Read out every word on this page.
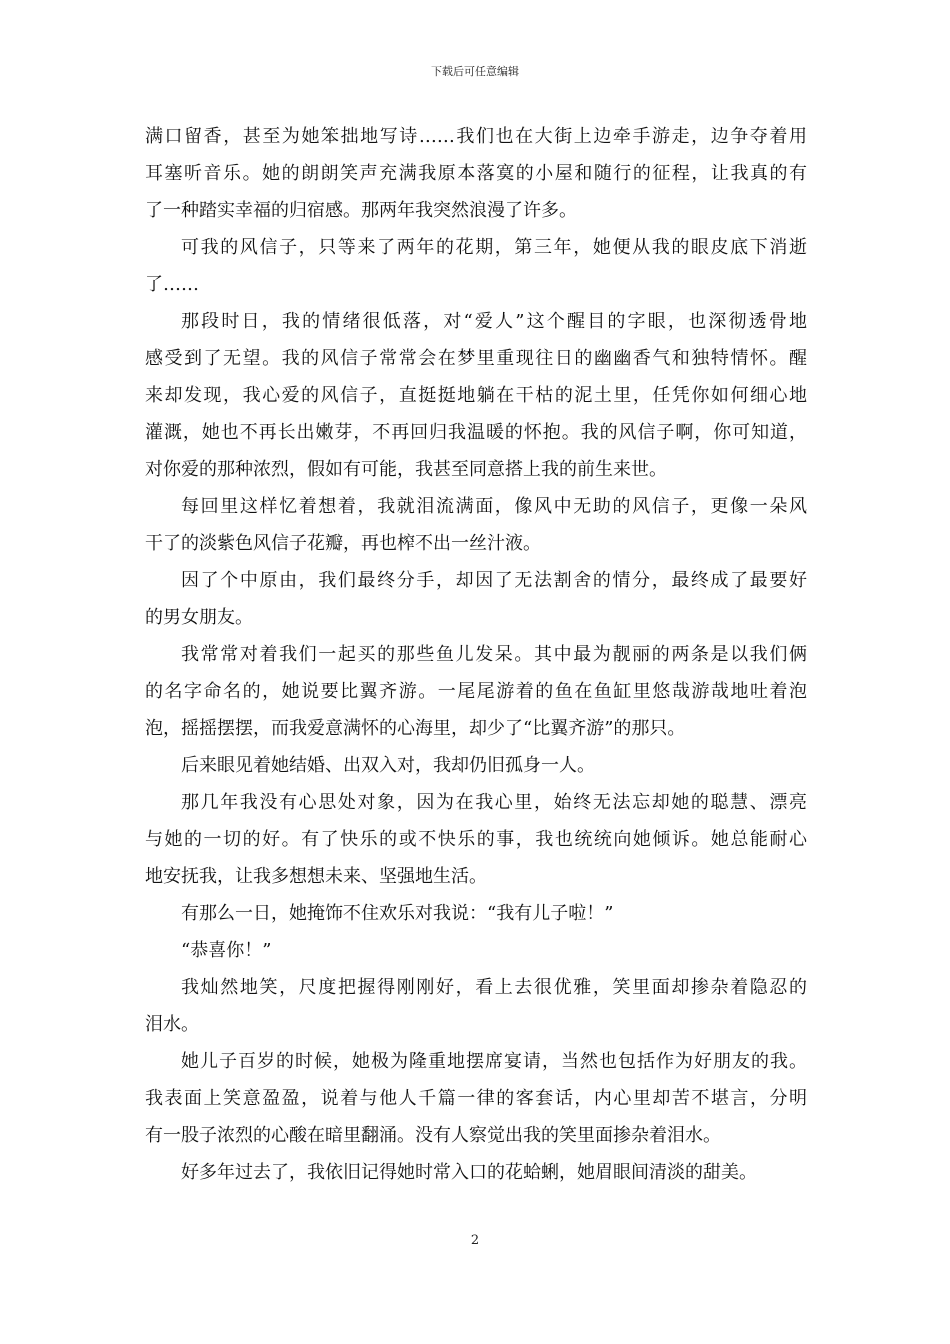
下载后可任意编辑
满口留香，甚至为她笨拙地写诗……我们也在大街上边牵手游走，边争夺着用
耳塞听音乐。她的朗朗笑声充满我原本落寞的小屋和随行的征程，让我真的有
了一种踏实幸福的归宿感。那两年我突然浪漫了许多。
可我的风信子，只等来了两年的花期，第三年，她便从我的眼皮底下消逝
了……
那段时日，我的情绪很低落，对“爱人”这个醒目的字眼，也深彻透骨地
感受到了无望。我的风信子常常会在梦里重现往日的幽幽香气和独特情怀。醒
来却发现，我心爱的风信子，直挺挺地躺在干枯的泥土里，任凭你如何细心地
灌溉，她也不再长出嫩芽，不再回归我温暖的怀抱。我的风信子啊，你可知道，
对你爱的那种浓烈，假如有可能，我甚至同意搭上我的前生来世。
每回里这样忆着想着，我就泪流满面，像风中无助的风信子，更像一朵风
干了的淡紫色风信子花瓣，再也榨不出一丝汁液。
因了个中原由，我们最终分手，却因了无法割舍的情分，最终成了最要好
的男女朋友。
我常常对着我们一起买的那些鱼儿发呆。其中最为靓丽的两条是以我们俩
的名字命名的，她说要比翼齐游。一尾尾游着的鱼在鱼缸里悠哉游哉地吐着泡
泡，摇摇摆摆，而我爱意满怀的心海里，却少了“比翼齐游”的那只。
后来眼见着她结婚、出双入对，我却仍旧孤身一人。
那几年我没有心思处对象，因为在我心里，始终无法忘却她的聪慧、漂亮
与她的一切的好。有了快乐的或不快乐的事，我也统统向她倾诉。她总能耐心
地安抚我，让我多想想未来、坚强地生活。
有那么一日，她掩饰不住欢乐对我说：“我有儿子啦！”
“恭喜你！”
我灿然地笑，尺度把握得刚刚好，看上去很优雅，笑里面却掺杂着隐忍的
泪水。
她儿子百岁的时候，她极为隆重地摆席宴请，当然也包括作为好朋友的我。
我表面上笑意盈盈，说着与他人千篇一律的客套话，内心里却苦不堪言，分明
有一股子浓烈的心酸在暗里翻涌。没有人察觉出我的笑里面掺杂着泪水。
好多年过去了，我依旧记得她时常入口的花蛤蜊，她眉眼间清淡的甜美。
2
